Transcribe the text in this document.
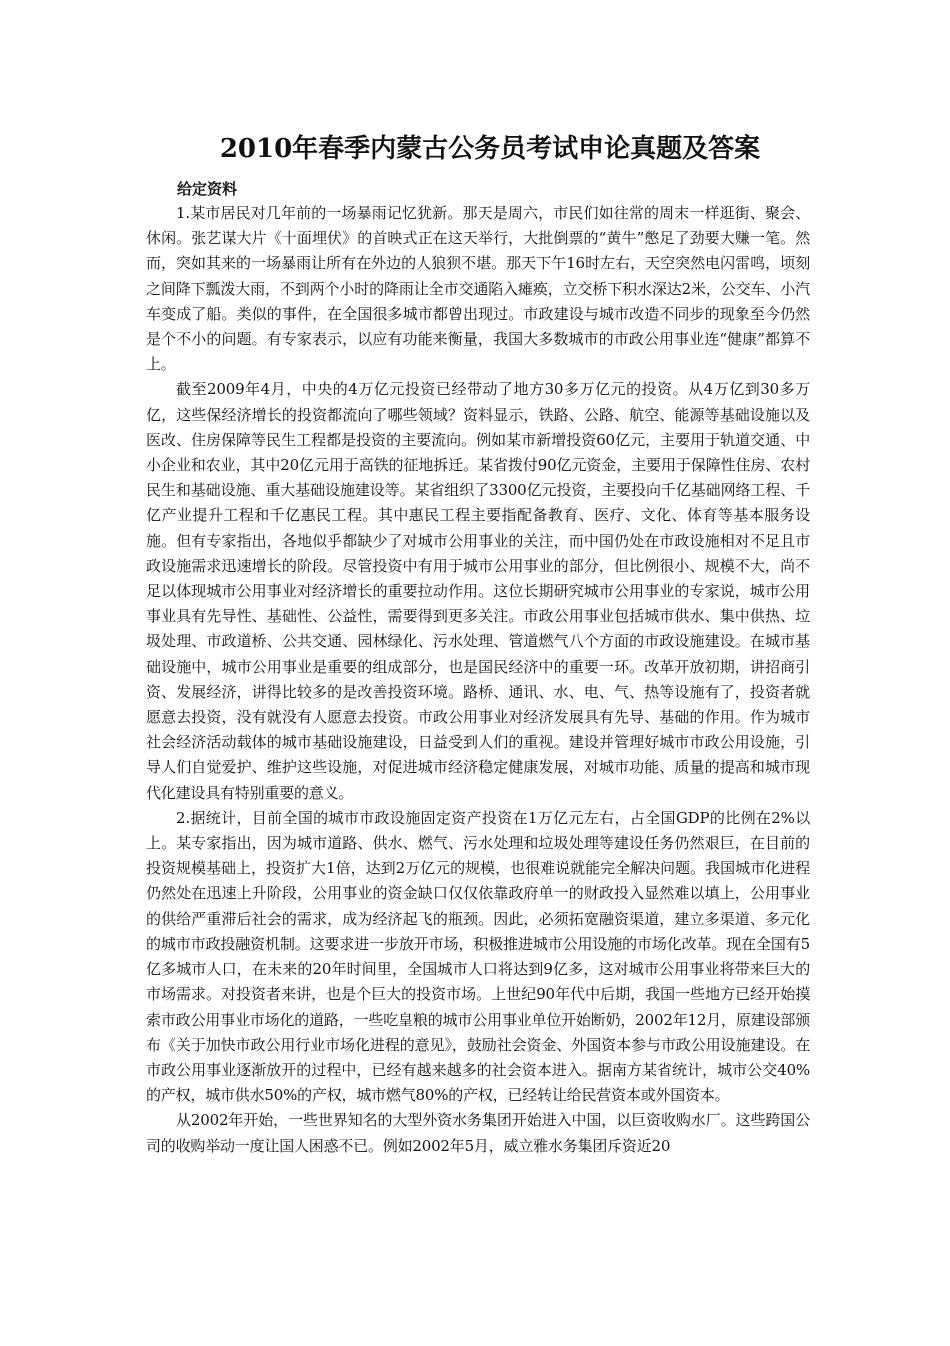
2010年春季内蒙古公务员考试申论真题及答案
给定资料

1.某市居民对几年前的一场暴雨记忆犹新。那天是周六，市民们如往常的周末一样逛街、聚会、休闲。张艺谋大片《十面埋伏》的首映式正在这天举行，大批倒票的“黄牛”憋足了劲要大赚一笔。然而，突如其来的一场暴雨让所有在外边的人狼狈不堪。那天下午16时左右，天空突然电闪雷鸣，顷刻之间降下瓢泼大雨，不到两个小时的降雨让全市交通陷入瘫痪，立交桥下积水深达2米，公交车、小汽车变成了船。类似的事件，在全国很多城市都曾出现过。市政建设与城市改造不同步的现象至今仍然是个不小的问题。有专家表示，以应有功能来衡量，我国大多数城市的市政公用事业连“健康”都算不上。

截至2009年4月，中央的4万亿元投资已经带动了地方30多万亿元的投资。从4万亿到30多万亿，这些保经济增长的投资都流向了哪些领域？资料显示，铁路、公路、航空、能源等基础设施以及医改、住房保障等民生工程都是投资的主要流向。例如某市新增投资60亿元，主要用于轨道交通、中小企业和农业，其中20亿元用于高铁的征地拆迁。某省拨付90亿元资金，主要用于保障性住房、农村民生和基础设施、重大基础设施建设等。某省组织了3300亿元投资，主要投向千亿基础网络工程、千亿产业提升工程和千亿惠民工程。其中惠民工程主要指配备教育、医疗、文化、体育等基本服务设施。但有专家指出，各地似乎都缺少了对城市公用事业的关注，而中国仍处在市政设施相对不足且市政设施需求迅速增长的阶段。尽管投资中有用于城市公用事业的部分，但比例很小、规模不大，尚不足以体现城市公用事业对经济增长的重要拉动作用。这位长期研究城市公用事业的专家说，城市公用事业具有先导性、基础性、公益性，需要得到更多关注。市政公用事业包括城市供水、集中供热、垃圾处理、市政道桥、公共交通、园林绿化、污水处理、管道燃气八个方面的市政设施建设。在城市基础设施中，城市公用事业是重要的组成部分，也是国民经济中的重要一环。改革开放初期，讲招商引资、发展经济，讲得比较多的是改善投资环境。路桥、通讯、水、电、气、热等设施有了，投资者就愿意去投资，没有就没有人愿意去投资。市政公用事业对经济发展具有先导、基础的作用。作为城市社会经济活动载体的城市基础设施建设，日益受到人们的重视。建设并管理好城市市政公用设施，引导人们自觉爱护、维护这些设施，对促进城市经济稳定健康发展，对城市功能、质量的提高和城市现代化建设具有特别重要的意义。

2.据统计，目前全国的城市市政设施固定资产投资在1万亿元左右，占全国GDP的比例在2%以上。某专家指出，因为城市道路、供水、燃气、污水处理和垃圾处理等建设任务仍然艰巨，在目前的投资规模基础上，投资扩大1倍，达到2万亿元的规模，也很难说就能完全解决问题。我国城市化进程仍然处在迅速上升阶段，公用事业的资金缺口仅仅依靠政府单一的财政投入显然难以填上，公用事业的供给严重滞后社会的需求，成为经济起飞的瓶颈。因此，必须拓宽融资渠道，建立多渠道、多元化的城市市政投融资机制。这要求进一步放开市场，积极推进城市公用设施的市场化改革。现在全国有5亿多城市人口，在未来的20年时间里，全国城市人口将达到9亿多，这对城市公用事业将带来巨大的市场需求。对投资者来讲，也是个巨大的投资市场。上世纪90年代中后期，我国一些地方已经开始摸索市政公用事业市场化的道路，一些吃皇粮的城市公用事业单位开始断奶，2002年12月，原建设部颁布《关于加快市政公用行业市场化进程的意见》，鼓励社会资金、外国资本参与市政公用设施建设。在市政公用事业逐渐放开的过程中，已经有越来越多的社会资本进入。据南方某省统计，城市公交40%的产权，城市供水50%的产权，城市燃气80%的产权，已经转让给民营资本或外国资本。

从2002年开始，一些世界知名的大型外资水务集团开始进入中国，以巨资收购水厂。这些跨国公司的收购举动一度让国人困惑不已。例如2002年5月，威立雅水务集团斥资近20
